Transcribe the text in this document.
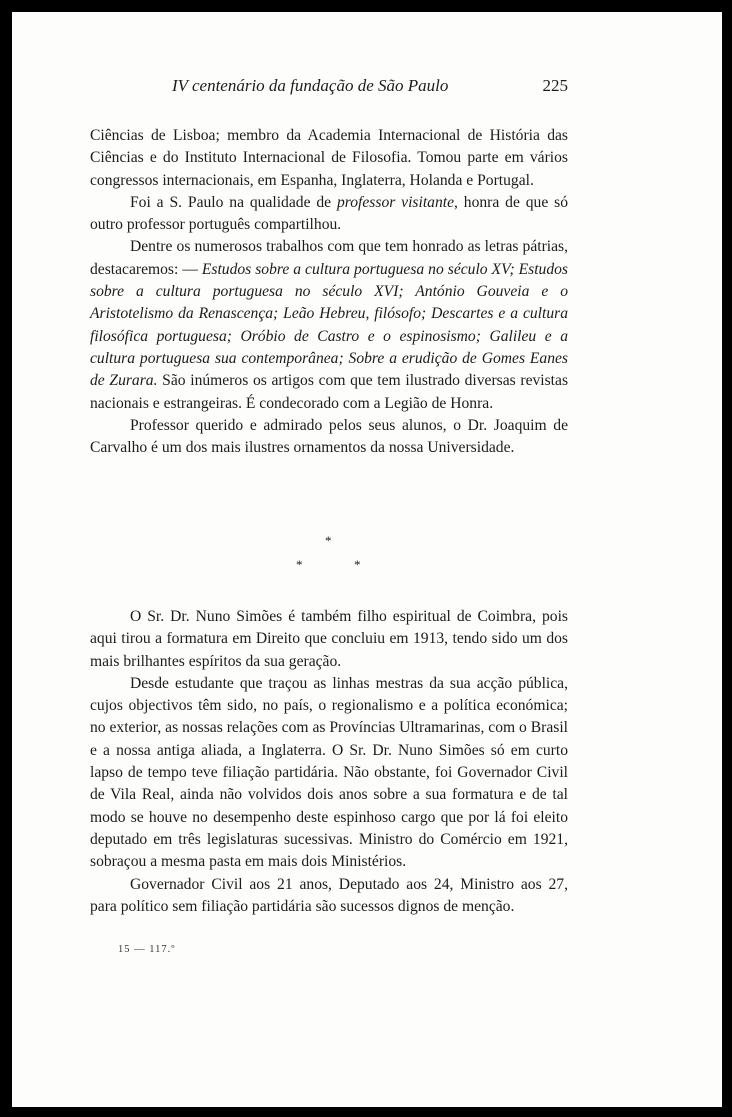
IV centenário da fundação de São Paulo	225

Ciências de Lisboa; membro da Academia Internacional de História das Ciências e do Instituto Internacional de Filosofia. Tomou parte em vários congressos internacionais, em Espanha, Inglaterra, Holanda e Portugal.

Foi a S. Paulo na qualidade de professor visitante, honra de que só outro professor português compartilhou.

Dentre os numerosos trabalhos com que tem honrado as letras pátrias, destacaremos: — Estudos sobre a cultura portuguesa no século XV; Estudos sobre a cultura portuguesa no século XVI; António Gouveia e o Aristotelismo da Renascença; Leão Hebreu, filósofo; Descartes e a cultura filosófica portuguesa; Oróbio de Castro e o espinosismo; Galileu e a cultura portuguesa sua contemporânea; Sobre a erudição de Gomes Eanes de Zurara. São inúmeros os artigos com que tem ilustrado diversas revistas nacionais e estrangeiras. É condecorado com a Legião de Honra.

Professor querido e admirado pelos seus alunos, o Dr. Joaquim de Carvalho é um dos mais ilustres ornamentos da nossa Universidade.

*
*	*

O Sr. Dr. Nuno Simões é também filho espiritual de Coimbra, pois aqui tirou a formatura em Direito que concluiu em 1913, tendo sido um dos mais brilhantes espíritos da sua geração.

Desde estudante que traçou as linhas mestras da sua acção pública, cujos objectivos têm sido, no país, o regionalismo e a política económica; no exterior, as nossas relações com as Províncias Ultramarinas, com o Brasil e a nossa antiga aliada, a Inglaterra. O Sr. Dr. Nuno Simões só em curto lapso de tempo teve filiação partidária. Não obstante, foi Governador Civil de Vila Real, ainda não volvidos dois anos sobre a sua formatura e de tal modo se houve no desempenho deste espinhoso cargo que por lá foi eleito deputado em três legislaturas sucessivas. Ministro do Comércio em 1921, sobraçou a mesma pasta em mais dois Ministérios.

Governador Civil aos 21 anos, Deputado aos 24, Ministro aos 27, para político sem filiação partidária são sucessos dignos de menção.

15 — 117.º
